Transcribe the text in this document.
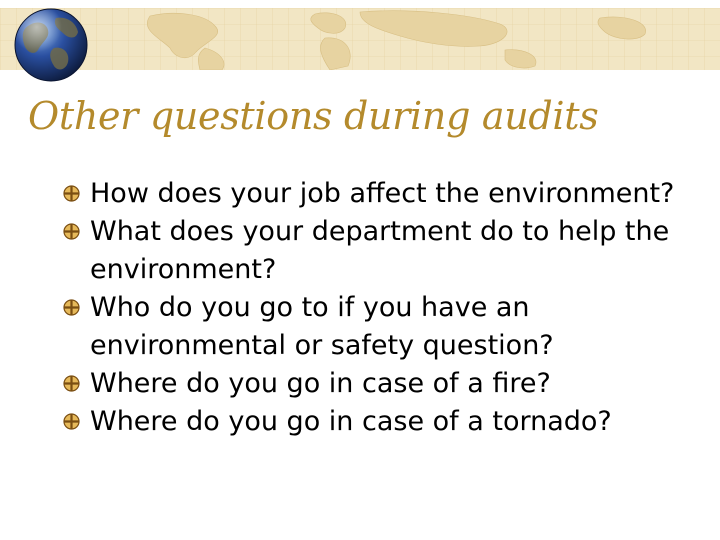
Other questions during audits
How does your job affect the environment?
What does your department do to help the environment?
Who do you go to if you have an environmental or safety question?
Where do you go in case of a fire?
Where do you go in case of a tornado?
